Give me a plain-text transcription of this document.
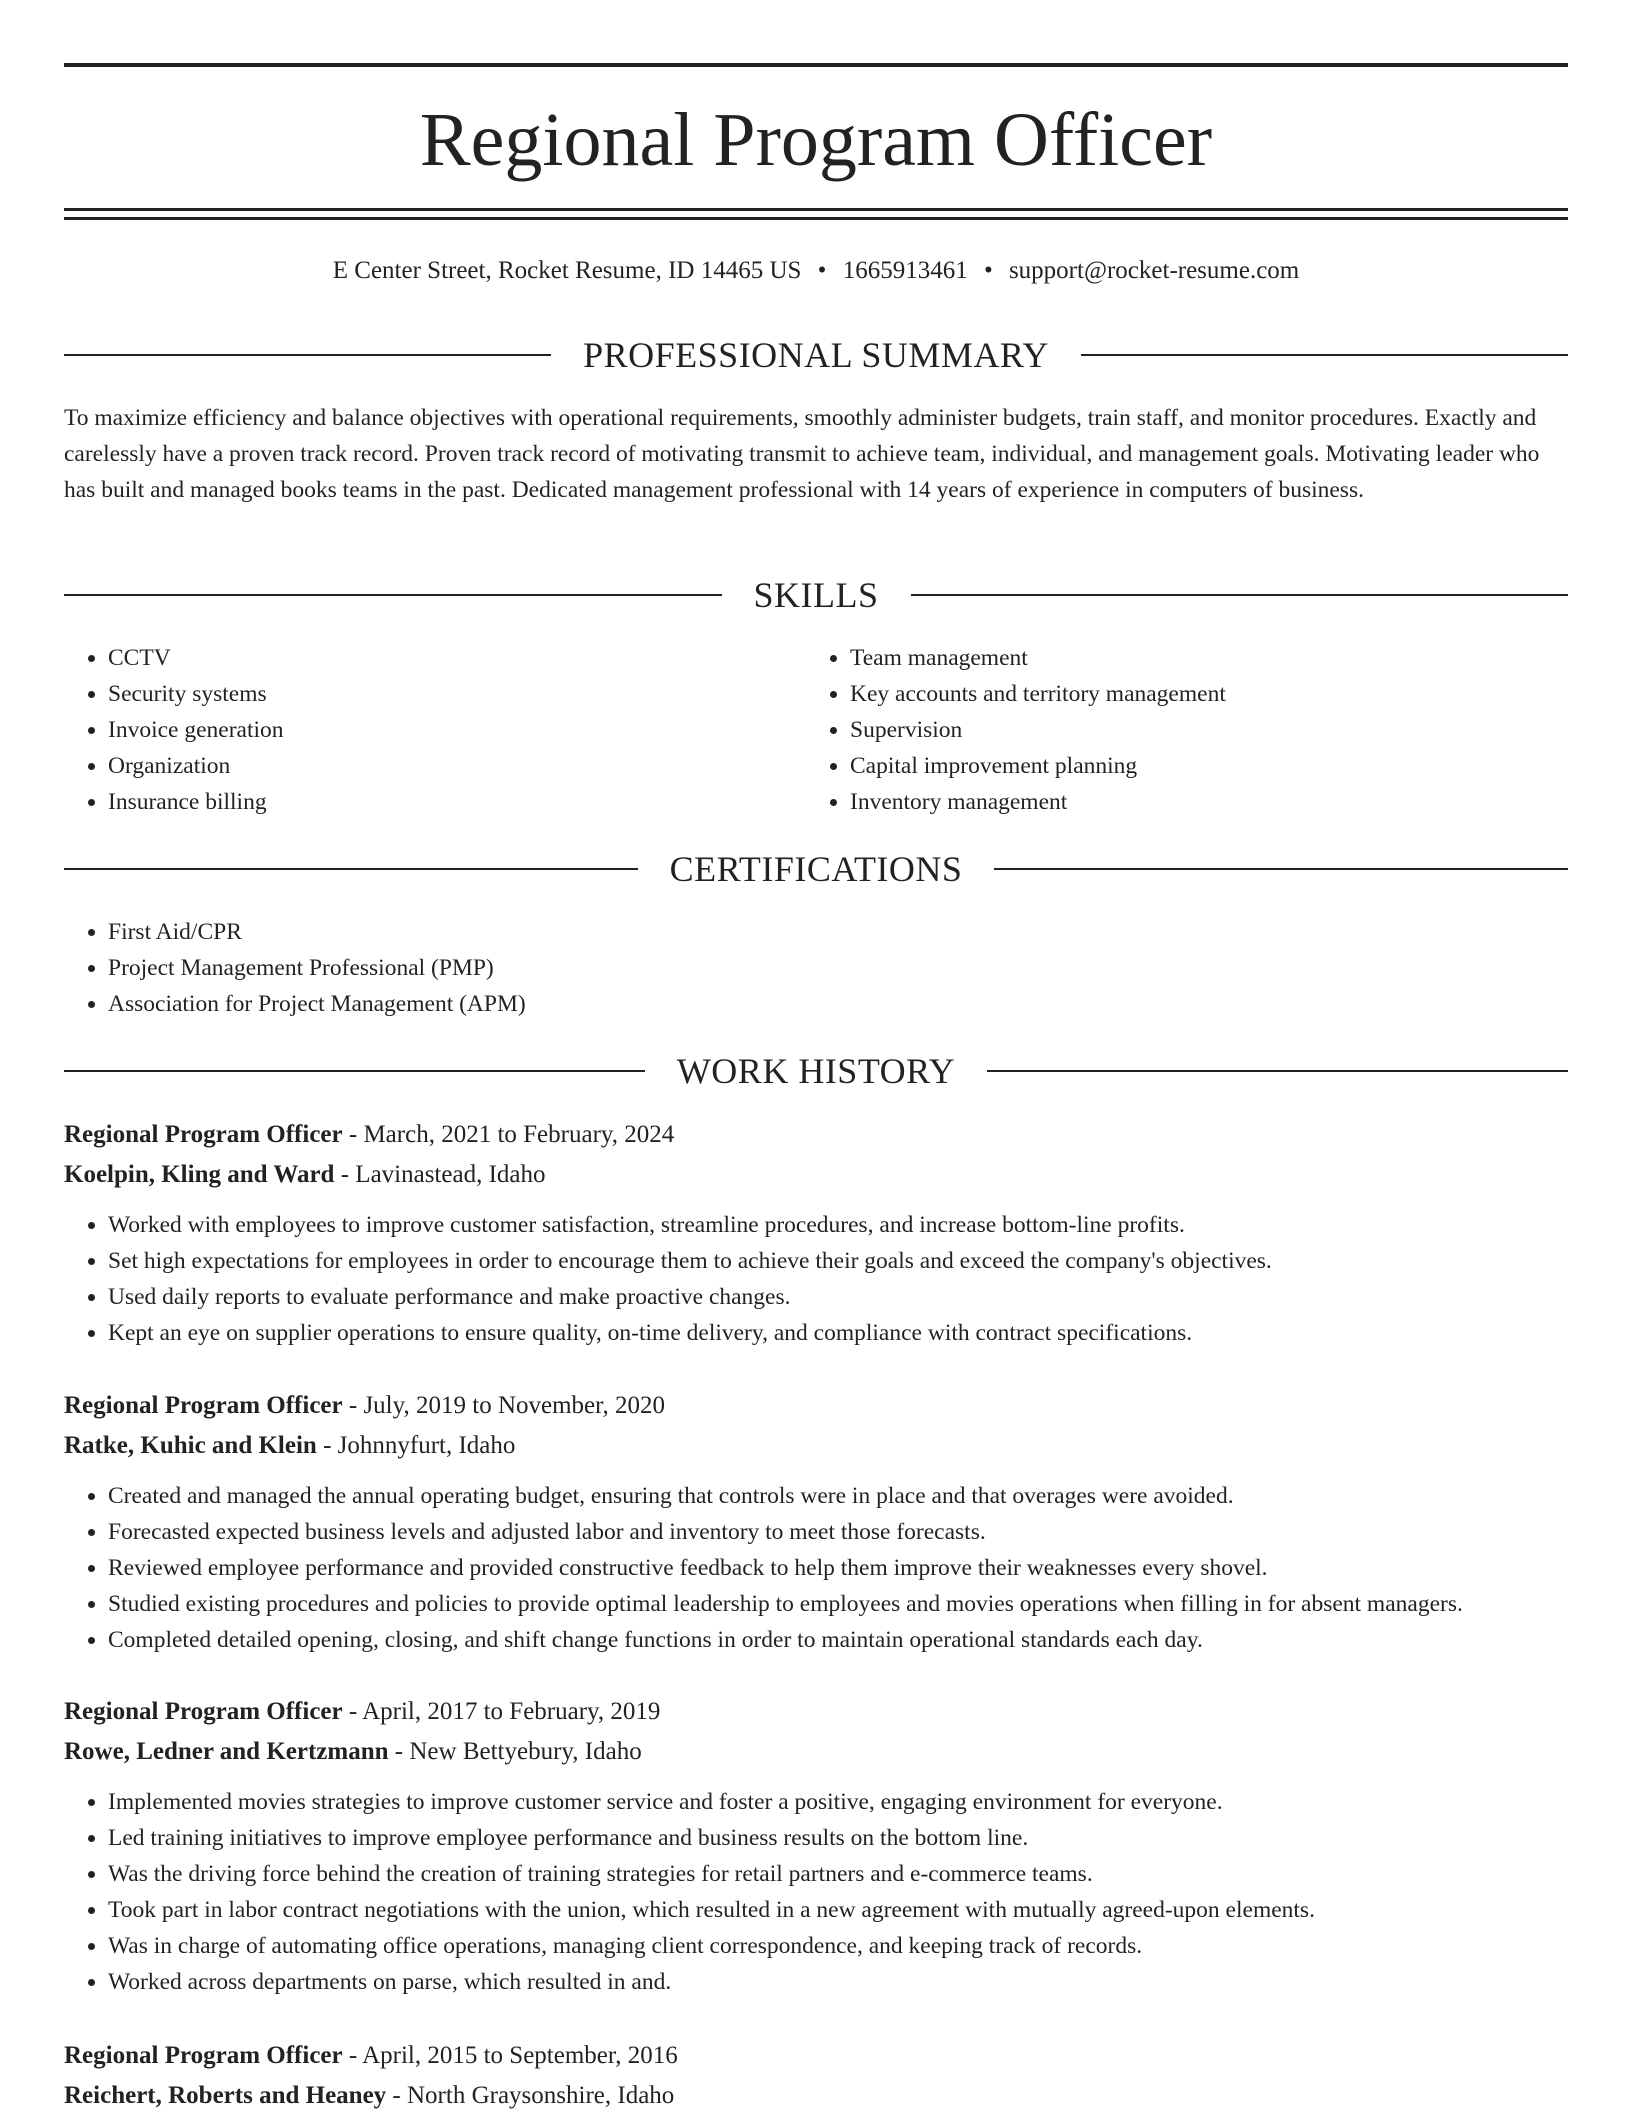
Regional Program Officer
E Center Street, Rocket Resume, ID 14465 US • 1665913461 • support@rocket-resume.com
PROFESSIONAL SUMMARY

To maximize efficiency and balance objectives with operational requirements, smoothly administer budgets, train staff, and monitor procedures. Exactly and carelessly have a proven track record. Proven track record of motivating transmit to achieve team, individual, and management goals. Motivating leader who has built and managed books teams in the past. Dedicated management professional with 14 years of experience in computers of business.

SKILLS
• CCTV
• Security systems
• Invoice generation
• Organization
• Insurance billing
• Team management
• Key accounts and territory management
• Supervision
• Capital improvement planning
• Inventory management
CERTIFICATIONS
• First Aid/CPR
• Project Management Professional (PMP)
• Association for Project Management (APM)
WORK HISTORY
Regional Program Officer - March, 2021 to February, 2024
Koelpin, Kling and Ward - Lavinastead, Idaho
• Worked with employees to improve customer satisfaction, streamline procedures, and increase bottom-line profits.
• Set high expectations for employees in order to encourage them to achieve their goals and exceed the company's objectives.
• Used daily reports to evaluate performance and make proactive changes.
• Kept an eye on supplier operations to ensure quality, on-time delivery, and compliance with contract specifications.
Regional Program Officer - July, 2019 to November, 2020
Ratke, Kuhic and Klein - Johnnyfurt, Idaho
• Created and managed the annual operating budget, ensuring that controls were in place and that overages were avoided.
• Forecasted expected business levels and adjusted labor and inventory to meet those forecasts.
• Reviewed employee performance and provided constructive feedback to help them improve their weaknesses every shovel.
• Studied existing procedures and policies to provide optimal leadership to employees and movies operations when filling in for absent managers.
• Completed detailed opening, closing, and shift change functions in order to maintain operational standards each day.
Regional Program Officer - April, 2017 to February, 2019
Rowe, Ledner and Kertzmann - New Bettyebury, Idaho
• Implemented movies strategies to improve customer service and foster a positive, engaging environment for everyone.
• Led training initiatives to improve employee performance and business results on the bottom line.
• Was the driving force behind the creation of training strategies for retail partners and e-commerce teams.
• Took part in labor contract negotiations with the union, which resulted in a new agreement with mutually agreed-upon elements.
• Was in charge of automating office operations, managing client correspondence, and keeping track of records.
• Worked across departments on parse, which resulted in and.
Regional Program Officer - April, 2015 to September, 2016
Reichert, Roberts and Heaney - North Graysonshire, Idaho
